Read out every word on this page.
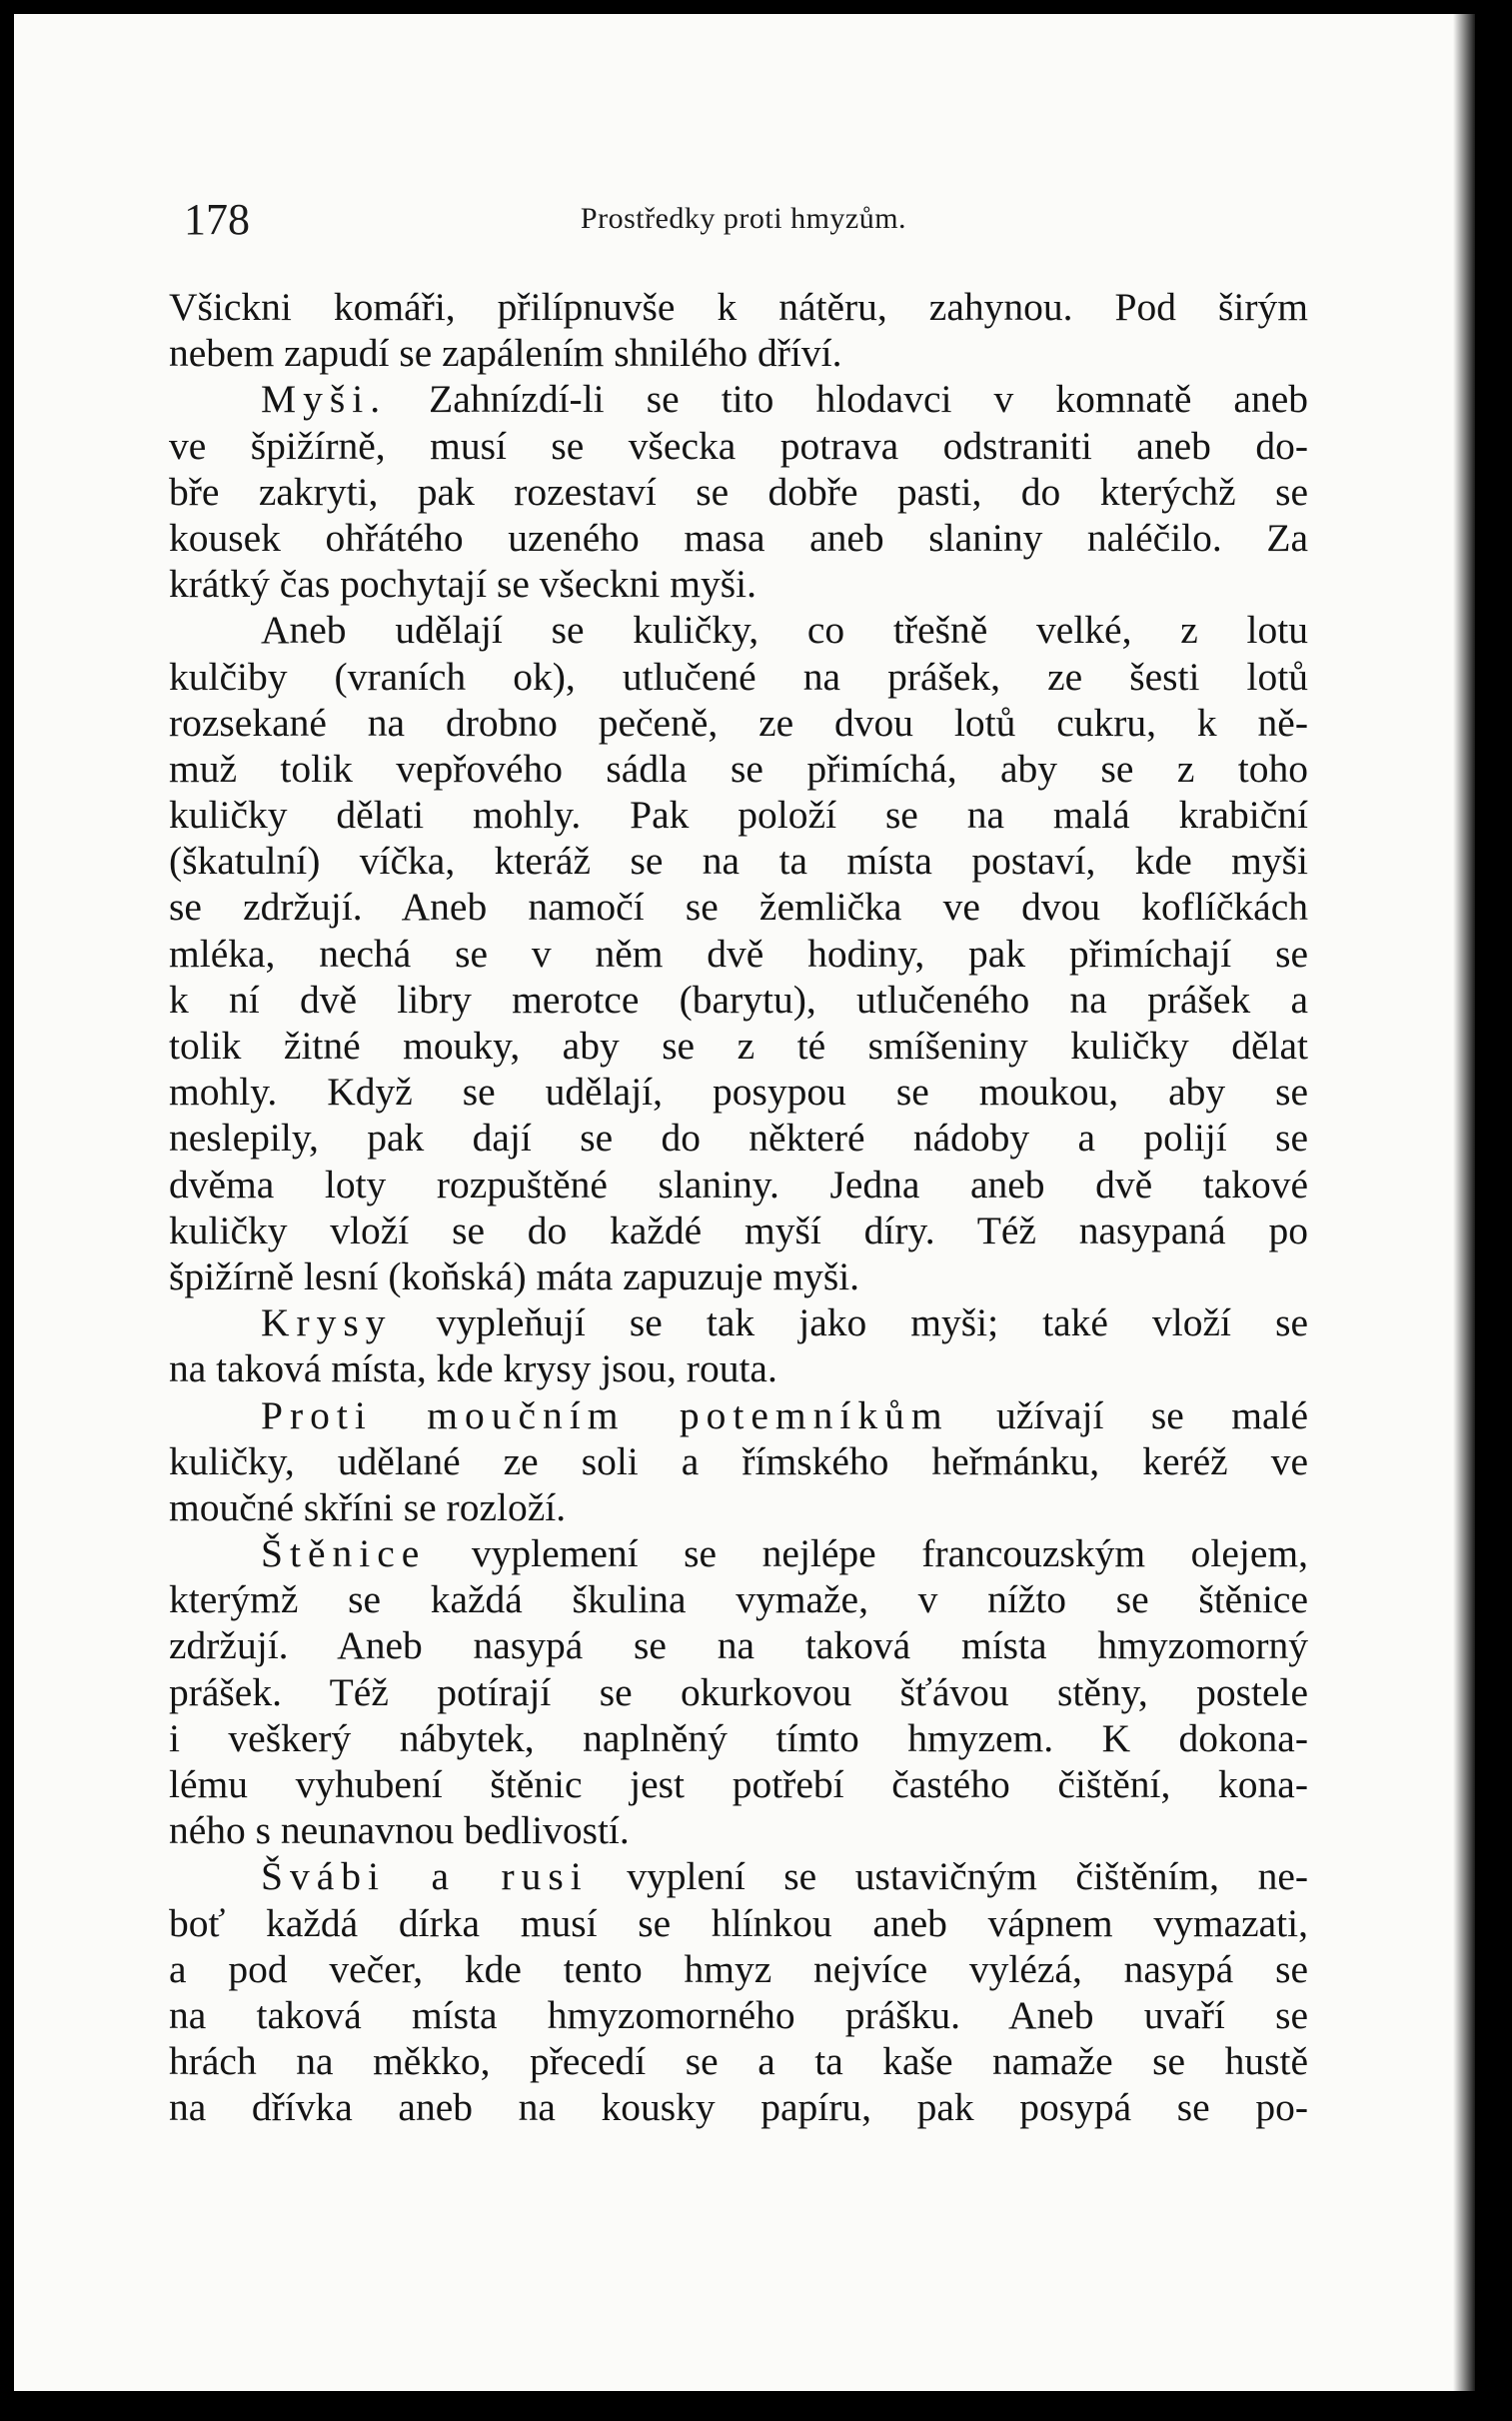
178	Prostředky proti hmyzům.
Všickni komáři, přilípnuvše k nátěru, zahynou. Pod širým
nebem zapudí se zapálením shnilého dříví.
Myši. Zahnízdí-li se tito hlodavci v komnatě aneb
ve špižírně, musí se všecka potrava odstraniti aneb do-
bře zakryti, pak rozestaví se dobře pasti, do kterýchž se
kousek ohřátého uzeného masa aneb slaniny naléčilo. Za
krátký čas pochytají se všeckni myši.
Aneb udělají se kuličky, co třešně velké, z lotu
kulčiby (vraních ok), utlučené na prášek, ze šesti lotů
rozsekané na drobno pečeně, ze dvou lotů cukru, k ně-
muž tolik vepřového sádla se přimíchá, aby se z toho
kuličky dělati mohly. Pak položí se na malá krabiční
(škatulní) víčka, kteráž se na ta místa postaví, kde myši
se zdržují. Aneb namočí se žemlička ve dvou koflíčkách
mléka, nechá se v něm dvě hodiny, pak přimíchají se
k ní dvě libry merotce (barytu), utlučeného na prášek a
tolik žitné mouky, aby se z té smíšeniny kuličky dělat
mohly. Když se udělají, posypou se moukou, aby se
neslepily, pak dají se do některé nádoby a polijí se
dvěma loty rozpuštěné slaniny. Jedna aneb dvě takové
kuličky vloží se do každé myší díry. Též nasypaná po
špižírně lesní (koňská) máta zapuzuje myši.
Krysy vypleňují se tak jako myši; také vloží se
na taková místa, kde krysy jsou, routa.
Proti moučním potemníkům užívají se malé
kuličky, udělané ze soli a římského heřmánku, keréž ve
moučné skříni se rozloží.
Štěnice vyplemení se nejlépe francouzským olejem,
kterýmž se každá škulina vymaže, v nížto se štěnice
zdržují. Aneb nasypá se na taková místa hmyzomorný
prášek. Též potírají se okurkovou šťávou stěny, postele
i veškerý nábytek, naplněný tímto hmyzem. K dokona-
lému vyhubení štěnic jest potřebí častého čištění, kona-
ného s neunavnou bedlivostí.
Švábi a rusi vyplení se ustavičným čištěním, ne-
boť každá dírka musí se hlínkou aneb vápnem vymazati,
a pod večer, kde tento hmyz nejvíce vylézá, nasypá se
na taková místa hmyzomorného prášku. Aneb uvaří se
hrách na měkko, přecedí se a ta kaše namaže se hustě
na dřívka aneb na kousky papíru, pak posypá se po-
